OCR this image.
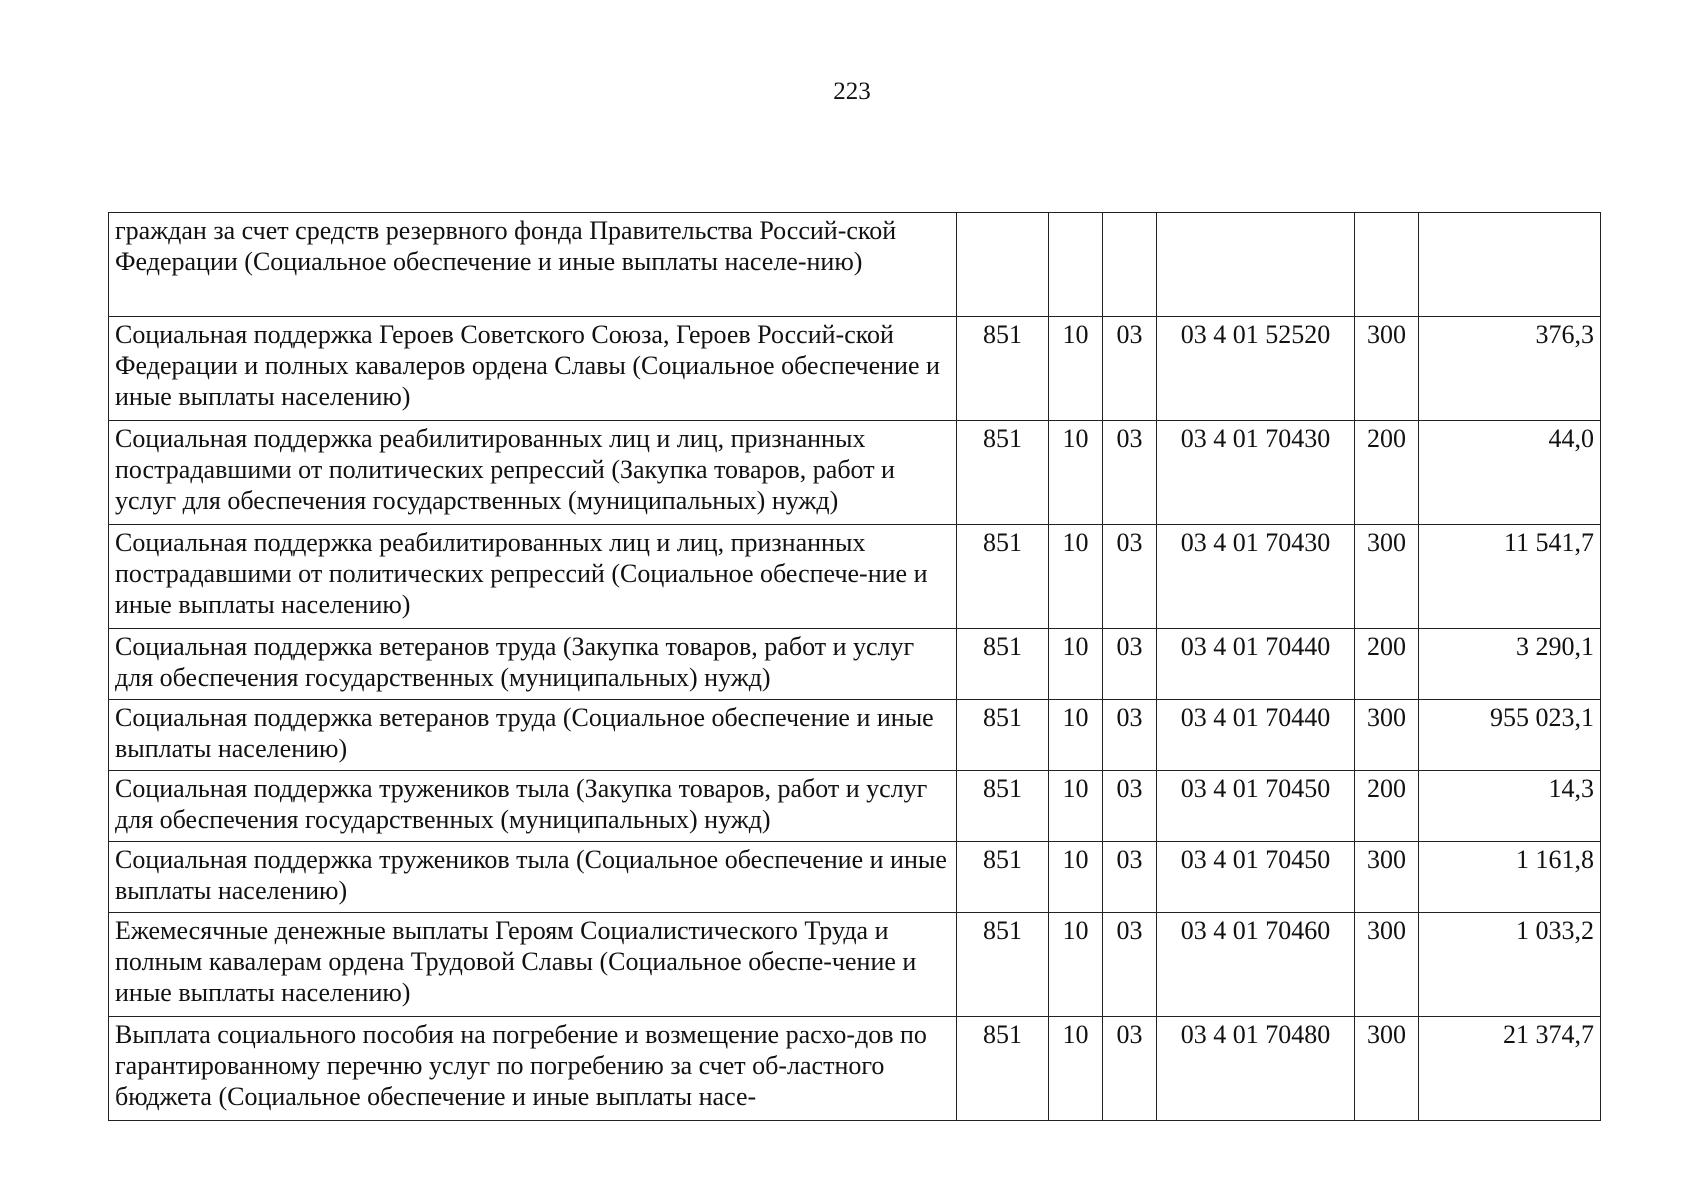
223
граждан за счет средств резервного фонда Правительства Россий-ской Федерации (Социальное обеспечение и иные выплаты населе-нию)						
Социальная поддержка Героев Советского Союза, Героев Россий-ской Федерации и полных кавалеров ордена Славы (Социальное обеспечение и иные выплаты населению)	851	10	03	03 4 01 52520	300	376,3
Социальная поддержка реабилитированных лиц и лиц, признанных пострадавшими от политических репрессий (Закупка товаров, работ и услуг для обеспечения государственных (муниципальных) нужд)	851	10	03	03 4 01 70430	200	44,0
Социальная поддержка реабилитированных лиц и лиц, признанных пострадавшими от политических репрессий (Социальное обеспече-ние и иные выплаты населению)	851	10	03	03 4 01 70430	300	11 541,7
Социальная поддержка ветеранов труда (Закупка товаров, работ и услуг для обеспечения государственных (муниципальных) нужд)	851	10	03	03 4 01 70440	200	3 290,1
Социальная поддержка ветеранов труда (Социальное обеспечение и иные выплаты населению)	851	10	03	03 4 01 70440	300	955 023,1
Социальная поддержка тружеников тыла (Закупка товаров, работ и услуг для обеспечения государственных (муниципальных) нужд)	851	10	03	03 4 01 70450	200	14,3
Социальная поддержка тружеников тыла (Социальное обеспечение и иные выплаты населению)	851	10	03	03 4 01 70450	300	1 161,8
Ежемесячные денежные выплаты Героям Социалистического Труда и полным кавалерам ордена Трудовой Славы (Социальное обеспе-чение и иные выплаты населению)	851	10	03	03 4 01 70460	300	1 033,2
Выплата социального пособия на погребение и возмещение расхо-дов по гарантированному перечню услуг по погребению за счет об-ластного бюджета (Социальное обеспечение и иные выплаты насе-	851	10	03	03 4 01 70480	300	21 374,7
